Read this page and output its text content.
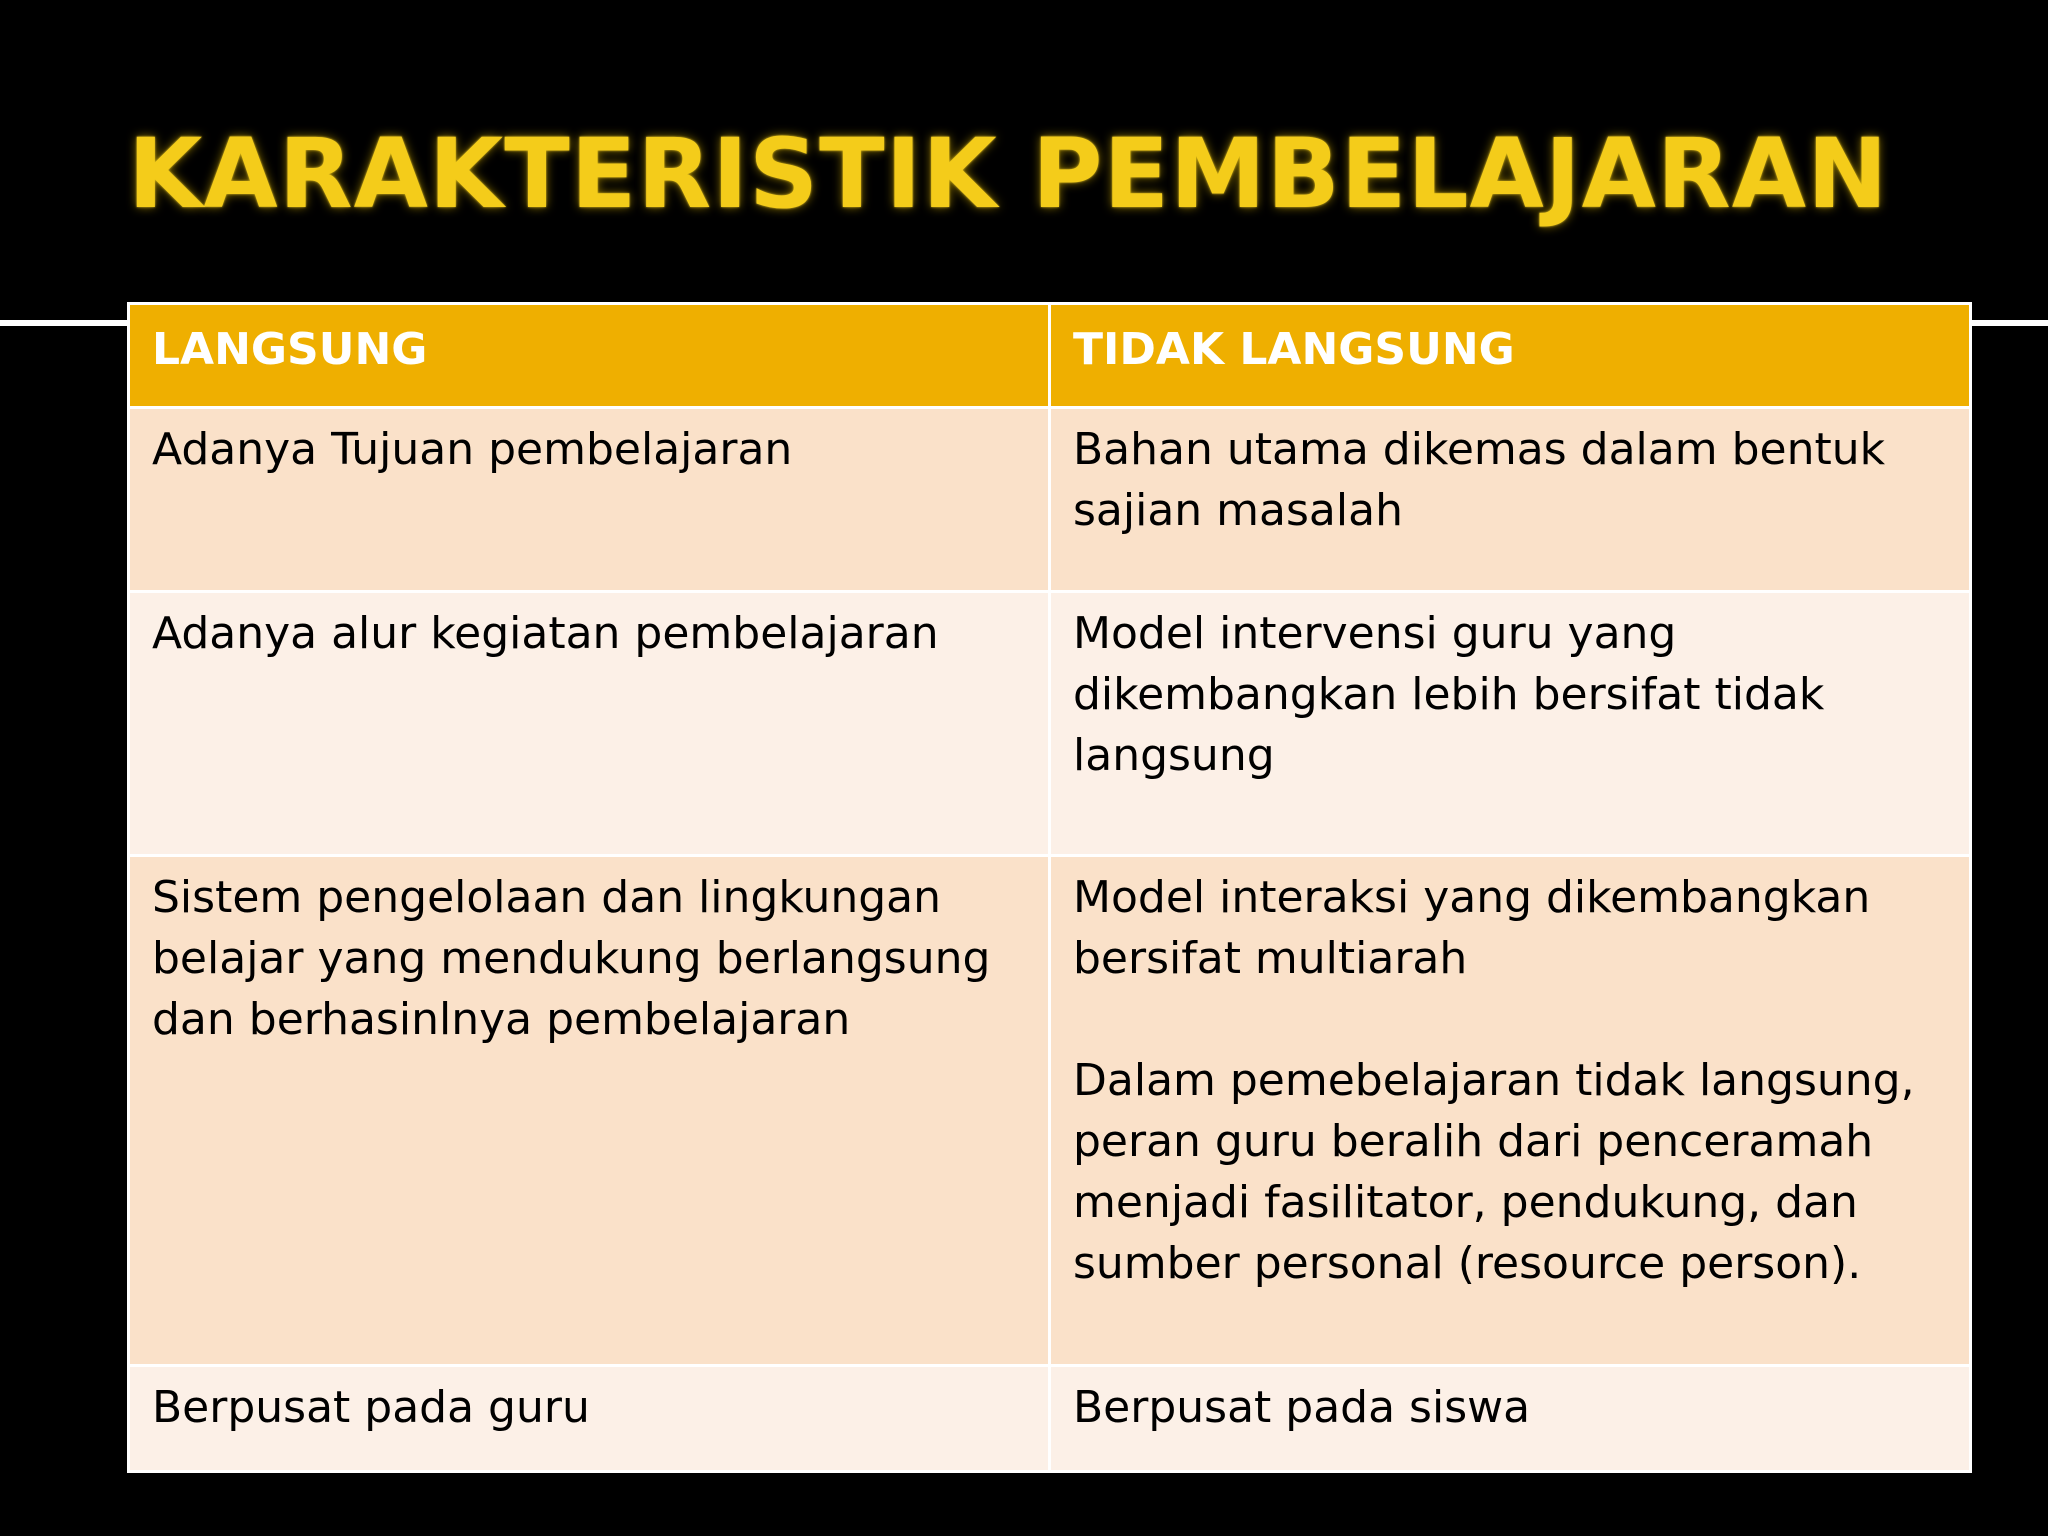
KARAKTERISTIK PEMBELAJARAN
LANGSUNG	TIDAK LANGSUNG

Adanya Tujuan pembelajaran	Bahan utama dikemas dalam bentuk sajian masalah

Adanya alur kegiatan pembelajaran	Model intervensi guru yang dikembangkan lebih bersifat tidak langsung

Sistem pengelolaan dan lingkungan belajar yang mendukung berlangsung dan berhasinlnya pembelajaran	Model interaksi yang dikembangkan bersifat multiarah
Dalam pemebelajaran tidak langsung, peran guru beralih dari penceramah menjadi fasilitator, pendukung, dan sumber personal (resource person).

Berpusat pada guru	Berpusat pada siswa
